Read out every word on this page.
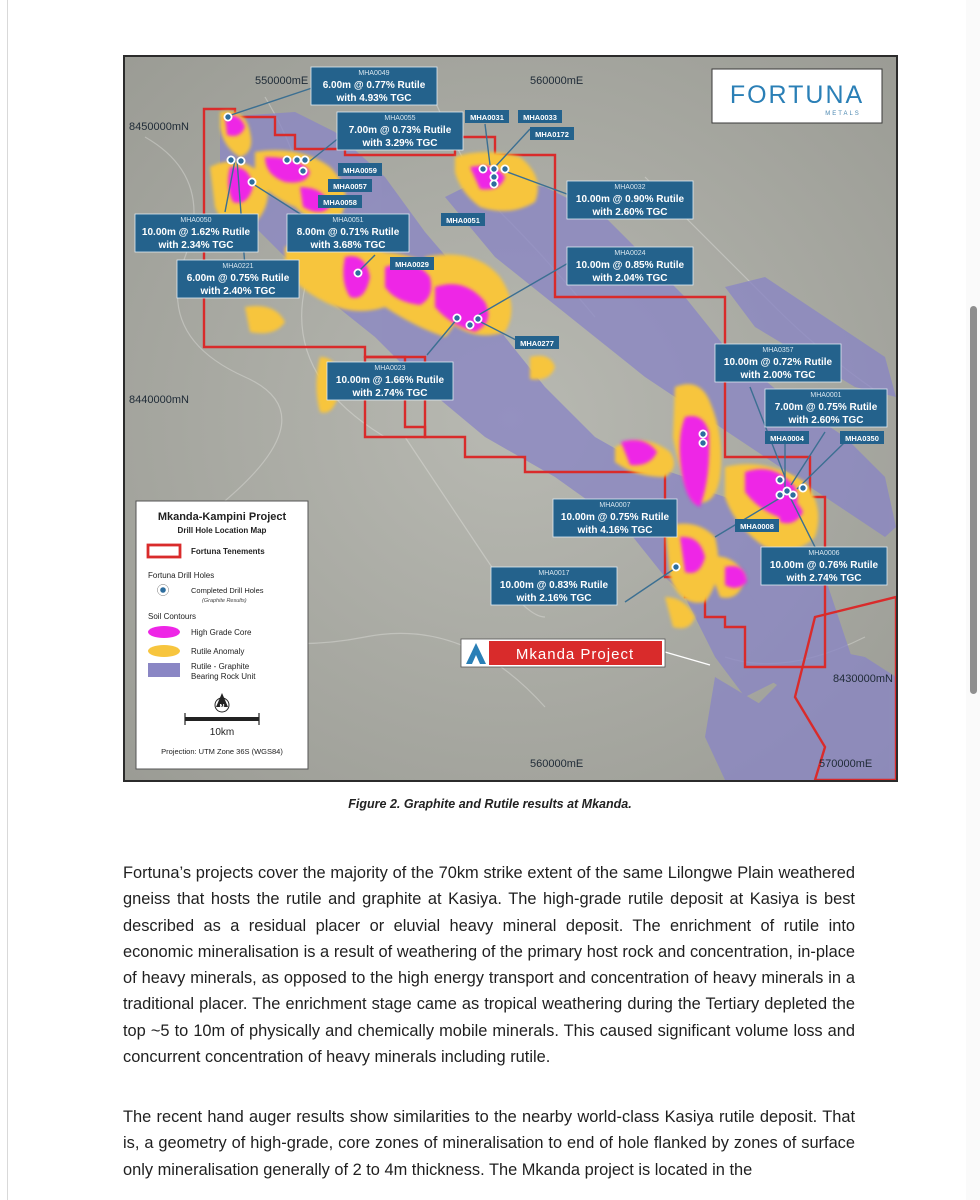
550000mE	560000mE
8450000mN
8440000mN
8430000mN
560000mE	570000mE
MHA0049
6.00m @ 0.77% Rutile
with 4.93% TGC
MHA0055
7.00m @ 0.73% Rutile
with 3.29% TGC
MHA0050
10.00m @ 1.62% Rutile
with 2.34% TGC
MHA0051
8.00m @ 0.71% Rutile
with 3.68% TGC
MHA0221
6.00m @ 0.75% Rutile
with 2.40% TGC
MHA0032
10.00m @ 0.90% Rutile
with 2.60% TGC
MHA0024
10.00m @ 0.85% Rutile
with 2.04% TGC
MHA0023
10.00m @ 1.66% Rutile
with 2.74% TGC
MHA0357
10.00m @ 0.72% Rutile
with 2.00% TGC
MHA0001
7.00m @ 0.75% Rutile
with 2.60% TGC
MHA0007
10.00m @ 0.75% Rutile
with 4.16% TGC
MHA0017
10.00m @ 0.83% Rutile
with 2.16% TGC
MHA0006
10.00m @ 0.76% Rutile
with 2.74% TGC
MHA0031	MHA0033
MHA0172
MHA0059
MHA0057
MHA0058
MHA0051
MHA0029
MHA0277
MHA0004	MHA0350
MHA0008
FORTUNA
METALS
Mkanda-Kampini Project
Drill Hole Location Map
Fortuna Tenements
Fortuna Drill Holes
Completed Drill Holes
(Graphite Results)
Soil Contours
High Grade Core
Rutile Anomaly
Rutile - Graphite
Bearing Rock Unit
N
10km
Projection: UTM Zone 36S (WGS84)
Mkanda Project
Figure 2. Graphite and Rutile results at Mkanda.

Fortuna’s projects cover the majority of the 70km strike extent of the same Lilongwe Plain weathered gneiss that hosts the rutile and graphite at Kasiya. The high-grade rutile deposit at Kasiya is best described as a residual placer or eluvial heavy mineral deposit. The enrichment of rutile into economic mineralisation is a result of weathering of the primary host rock and concentration, in-place of heavy minerals, as opposed to the high energy transport and concentration of heavy minerals in a traditional placer. The enrichment stage came as tropical weathering during the Tertiary depleted the top ~5 to 10m of physically and chemically mobile minerals. This caused significant volume loss and concurrent concentration of heavy minerals including rutile.

The recent hand auger results show similarities to the nearby world-class Kasiya rutile deposit. That is, a geometry of high-grade, core zones of mineralisation to end of hole flanked by zones of surface only mineralisation generally of 2 to 4m thickness. The Mkanda project is located in the
